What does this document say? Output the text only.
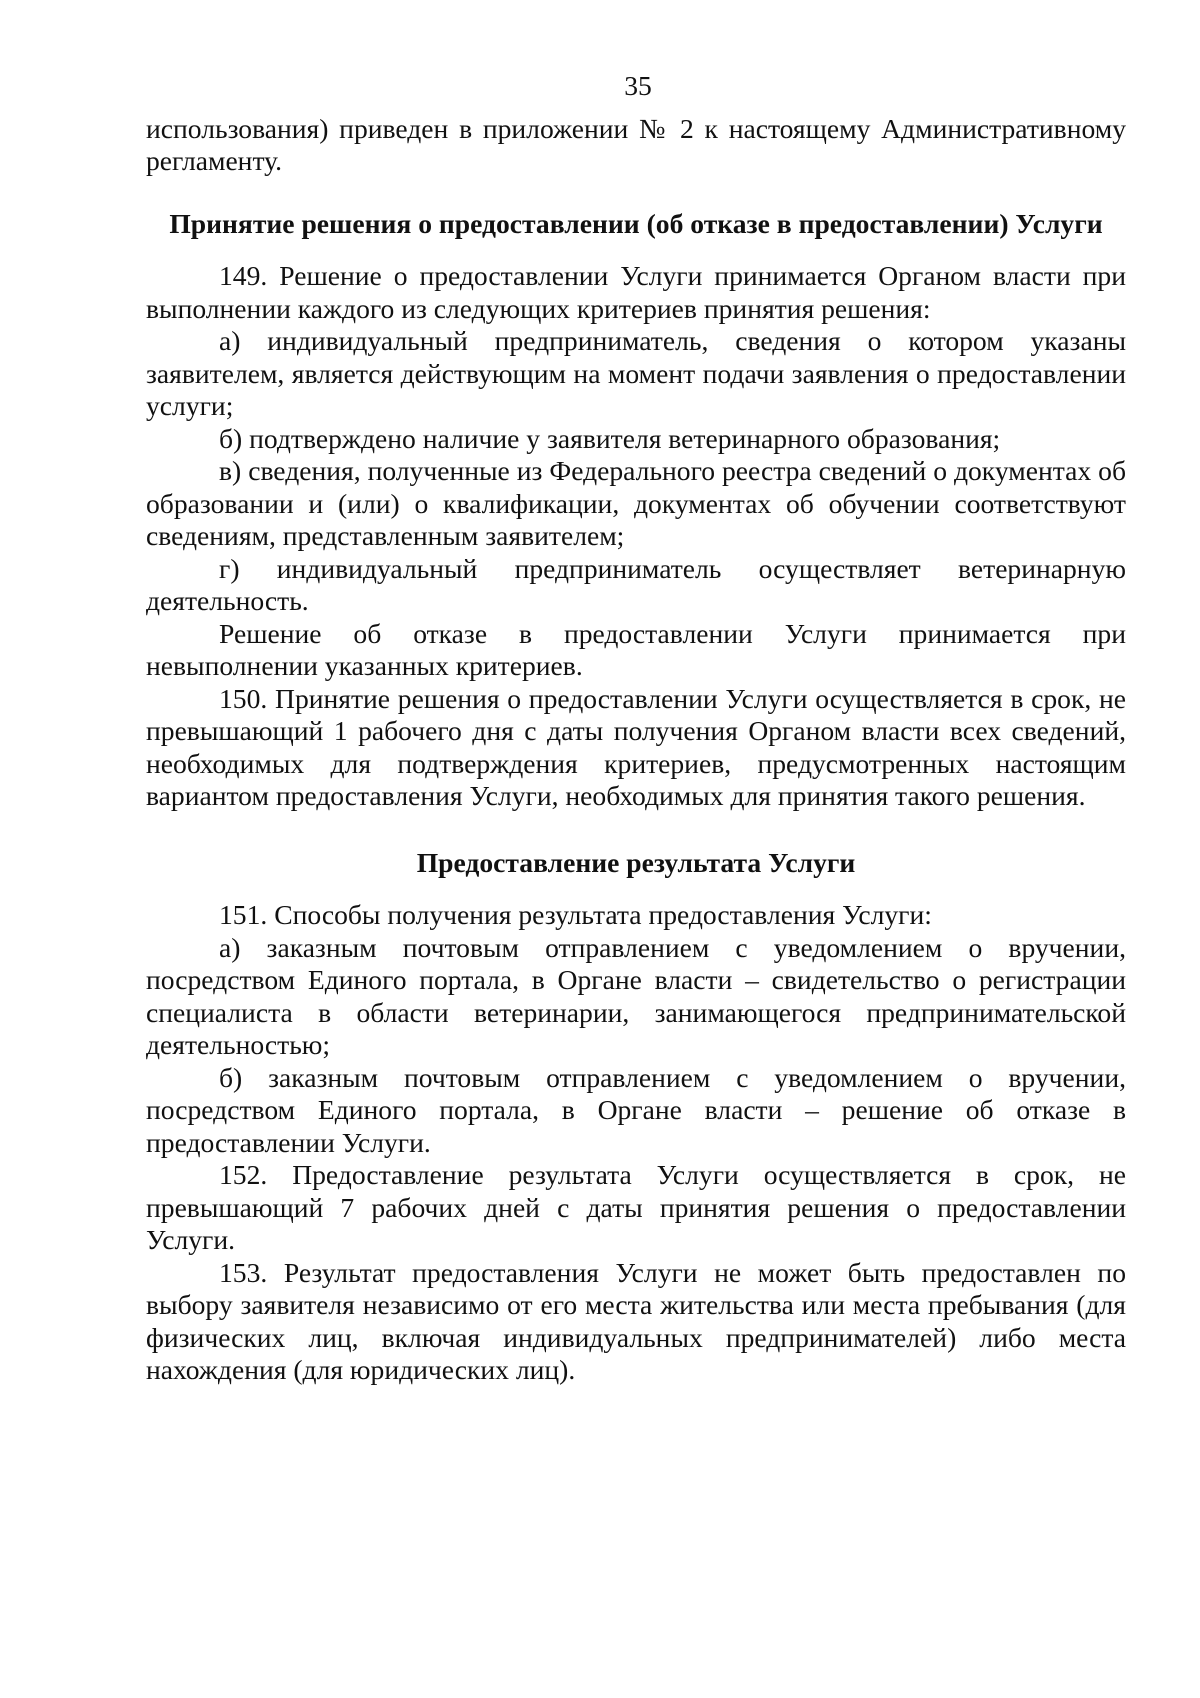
35

использования) приведен в приложении № 2 к настоящему Административному регламенту.

Принятие решения о предоставлении (об отказе в предоставлении) Услуги

149. Решение о предоставлении Услуги принимается Органом власти при выполнении каждого из следующих критериев принятия решения:

а) индивидуальный предприниматель, сведения о котором указаны заявителем, является действующим на момент подачи заявления о предоставлении услуги;

б) подтверждено наличие у заявителя ветеринарного образования;

в) сведения, полученные из Федерального реестра сведений о документах об образовании и (или) о квалификации, документах об обучении соответствуют сведениям, представленным заявителем;

г) индивидуальный предприниматель осуществляет ветеринарную деятельность.

Решение об отказе в предоставлении Услуги принимается при невыполнении указанных критериев.

150. Принятие решения о предоставлении Услуги осуществляется в срок, не превышающий 1 рабочего дня с даты получения Органом власти всех сведений, необходимых для подтверждения критериев, предусмотренных настоящим вариантом предоставления Услуги, необходимых для принятия такого решения.

Предоставление результата Услуги

151. Способы получения результата предоставления Услуги:

а) заказным почтовым отправлением с уведомлением о вручении, посредством Единого портала, в Органе власти – свидетельство о регистрации специалиста в области ветеринарии, занимающегося предпринимательской деятельностью;

б) заказным почтовым отправлением с уведомлением о вручении, посредством Единого портала, в Органе власти – решение об отказе в предоставлении Услуги.

152. Предоставление результата Услуги осуществляется в срок, не превышающий 7 рабочих дней с даты принятия решения о предоставлении Услуги.

153. Результат предоставления Услуги не может быть предоставлен по выбору заявителя независимо от его места жительства или места пребывания (для физических лиц, включая индивидуальных предпринимателей) либо места нахождения (для юридических лиц).
